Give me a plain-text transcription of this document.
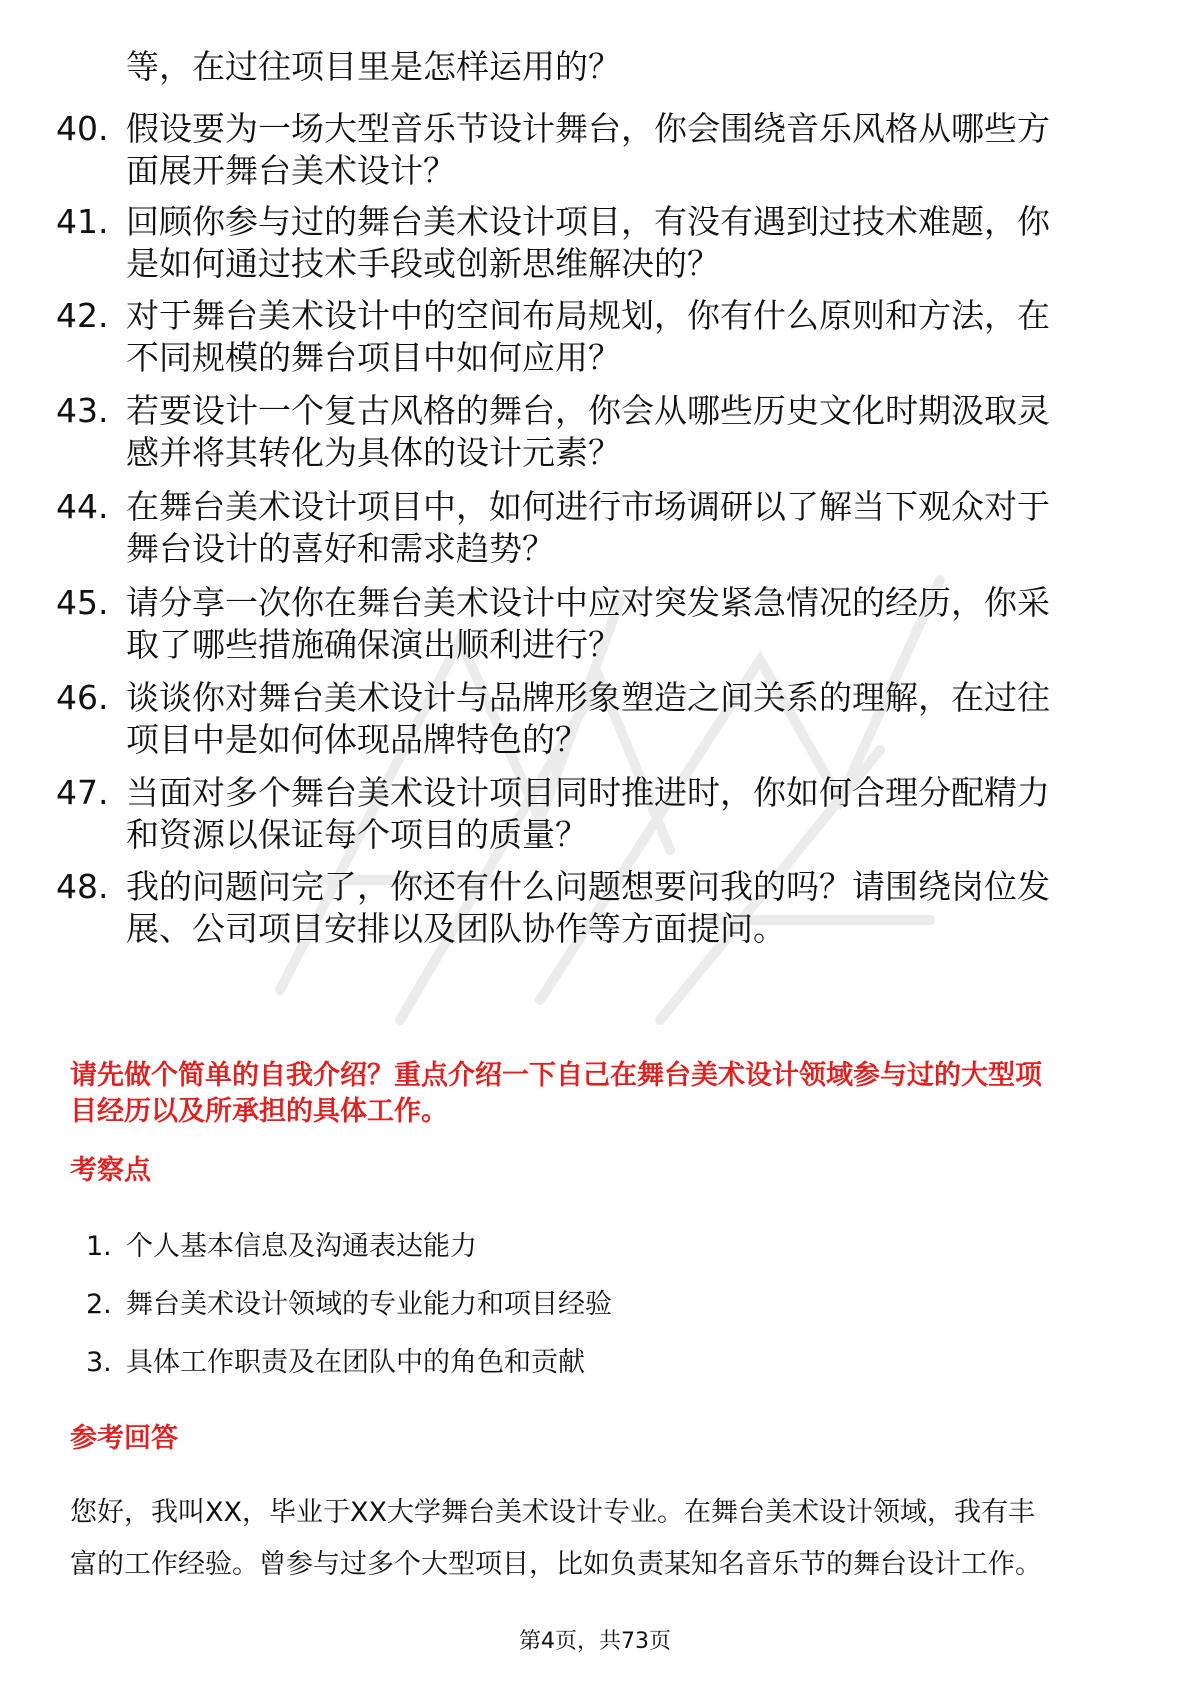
等，在过往项目里是怎样运用的？
40. 假设要为一场大型音乐节设计舞台，你会围绕音乐风格从哪些方
面展开舞台美术设计？
41. 回顾你参与过的舞台美术设计项目，有没有遇到过技术难题，你
是如何通过技术手段或创新思维解决的？
42. 对于舞台美术设计中的空间布局规划，你有什么原则和方法，在
不同规模的舞台项目中如何应用？
43. 若要设计一个复古风格的舞台，你会从哪些历史文化时期汲取灵
感并将其转化为具体的设计元素？
44. 在舞台美术设计项目中，如何进行市场调研以了解当下观众对于
舞台设计的喜好和需求趋势？
45. 请分享一次你在舞台美术设计中应对突发紧急情况的经历，你采
取了哪些措施确保演出顺利进行？
46. 谈谈你对舞台美术设计与品牌形象塑造之间关系的理解，在过往
项目中是如何体现品牌特色的？
47. 当面对多个舞台美术设计项目同时推进时，你如何合理分配精力
和资源以保证每个项目的质量？
48. 我的问题问完了，你还有什么问题想要问我的吗？请围绕岗位发
展、公司项目安排以及团队协作等方面提问。
请先做个简单的自我介绍？重点介绍一下自己在舞台美术设计领域参与过的大型项
目经历以及所承担的具体工作。
考察点
1. 个人基本信息及沟通表达能力
2. 舞台美术设计领域的专业能力和项目经验
3. 具体工作职责及在团队中的角色和贡献
参考回答
您好，我叫XX，毕业于XX大学舞台美术设计专业。在舞台美术设计领域，我有丰
富的工作经验。曾参与过多个大型项目，比如负责某知名音乐节的舞台设计工作。
第4页，共73页
